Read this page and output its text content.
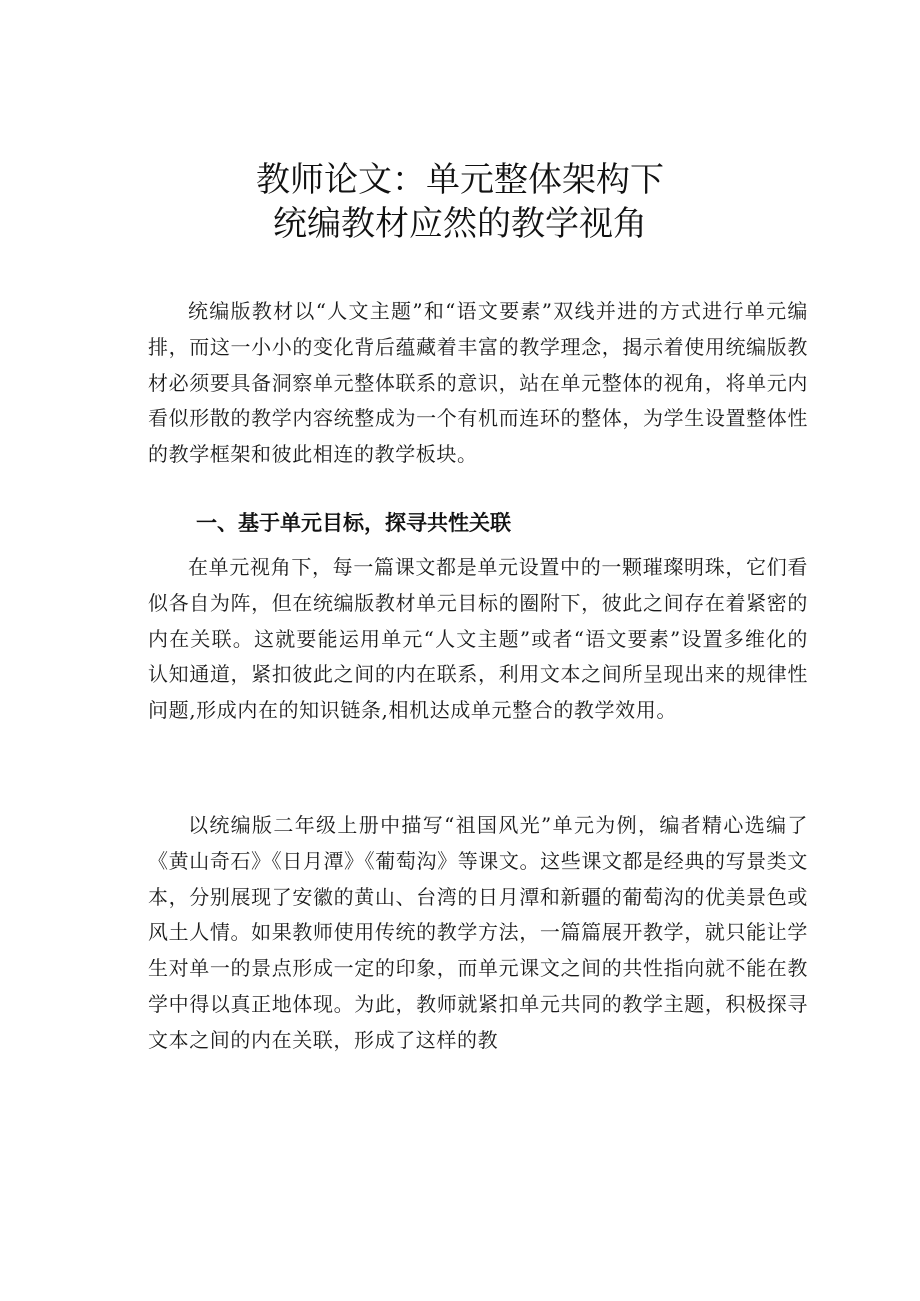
教师论文：单元整体架构下
统编教材应然的教学视角

统编版教材以“人文主题”和“语文要素”双线并进的方式进行单元编排，而这一小小的变化背后蕴藏着丰富的教学理念，揭示着使用统编版教材必须要具备洞察单元整体联系的意识，站在单元整体的视角，将单元内看似形散的教学内容统整成为一个有机而连环的整体，为学生设置整体性的教学框架和彼此相连的教学板块。

一、基于单元目标，探寻共性关联

在单元视角下，每一篇课文都是单元设置中的一颗璀璨明珠，它们看似各自为阵，但在统编版教材单元目标的圈附下，彼此之间存在着紧密的内在关联。这就要能运用单元“人文主题”或者“语文要素”设置多维化的认知通道，紧扣彼此之间的内在联系，利用文本之间所呈现出来的规律性问题,形成内在的知识链条,相机达成单元整合的教学效用。

以统编版二年级上册中描写“祖国风光”单元为例，编者精心选编了《黄山奇石》《日月潭》《葡萄沟》等课文。这些课文都是经典的写景类文本，分别展现了安徽的黄山、台湾的日月潭和新疆的葡萄沟的优美景色或风土人情。如果教师使用传统的教学方法，一篇篇展开教学，就只能让学生对单一的景点形成一定的印象，而单元课文之间的共性指向就不能在教学中得以真正地体现。为此，教师就紧扣单元共同的教学主题，积极探寻文本之间的内在关联，形成了这样的教
